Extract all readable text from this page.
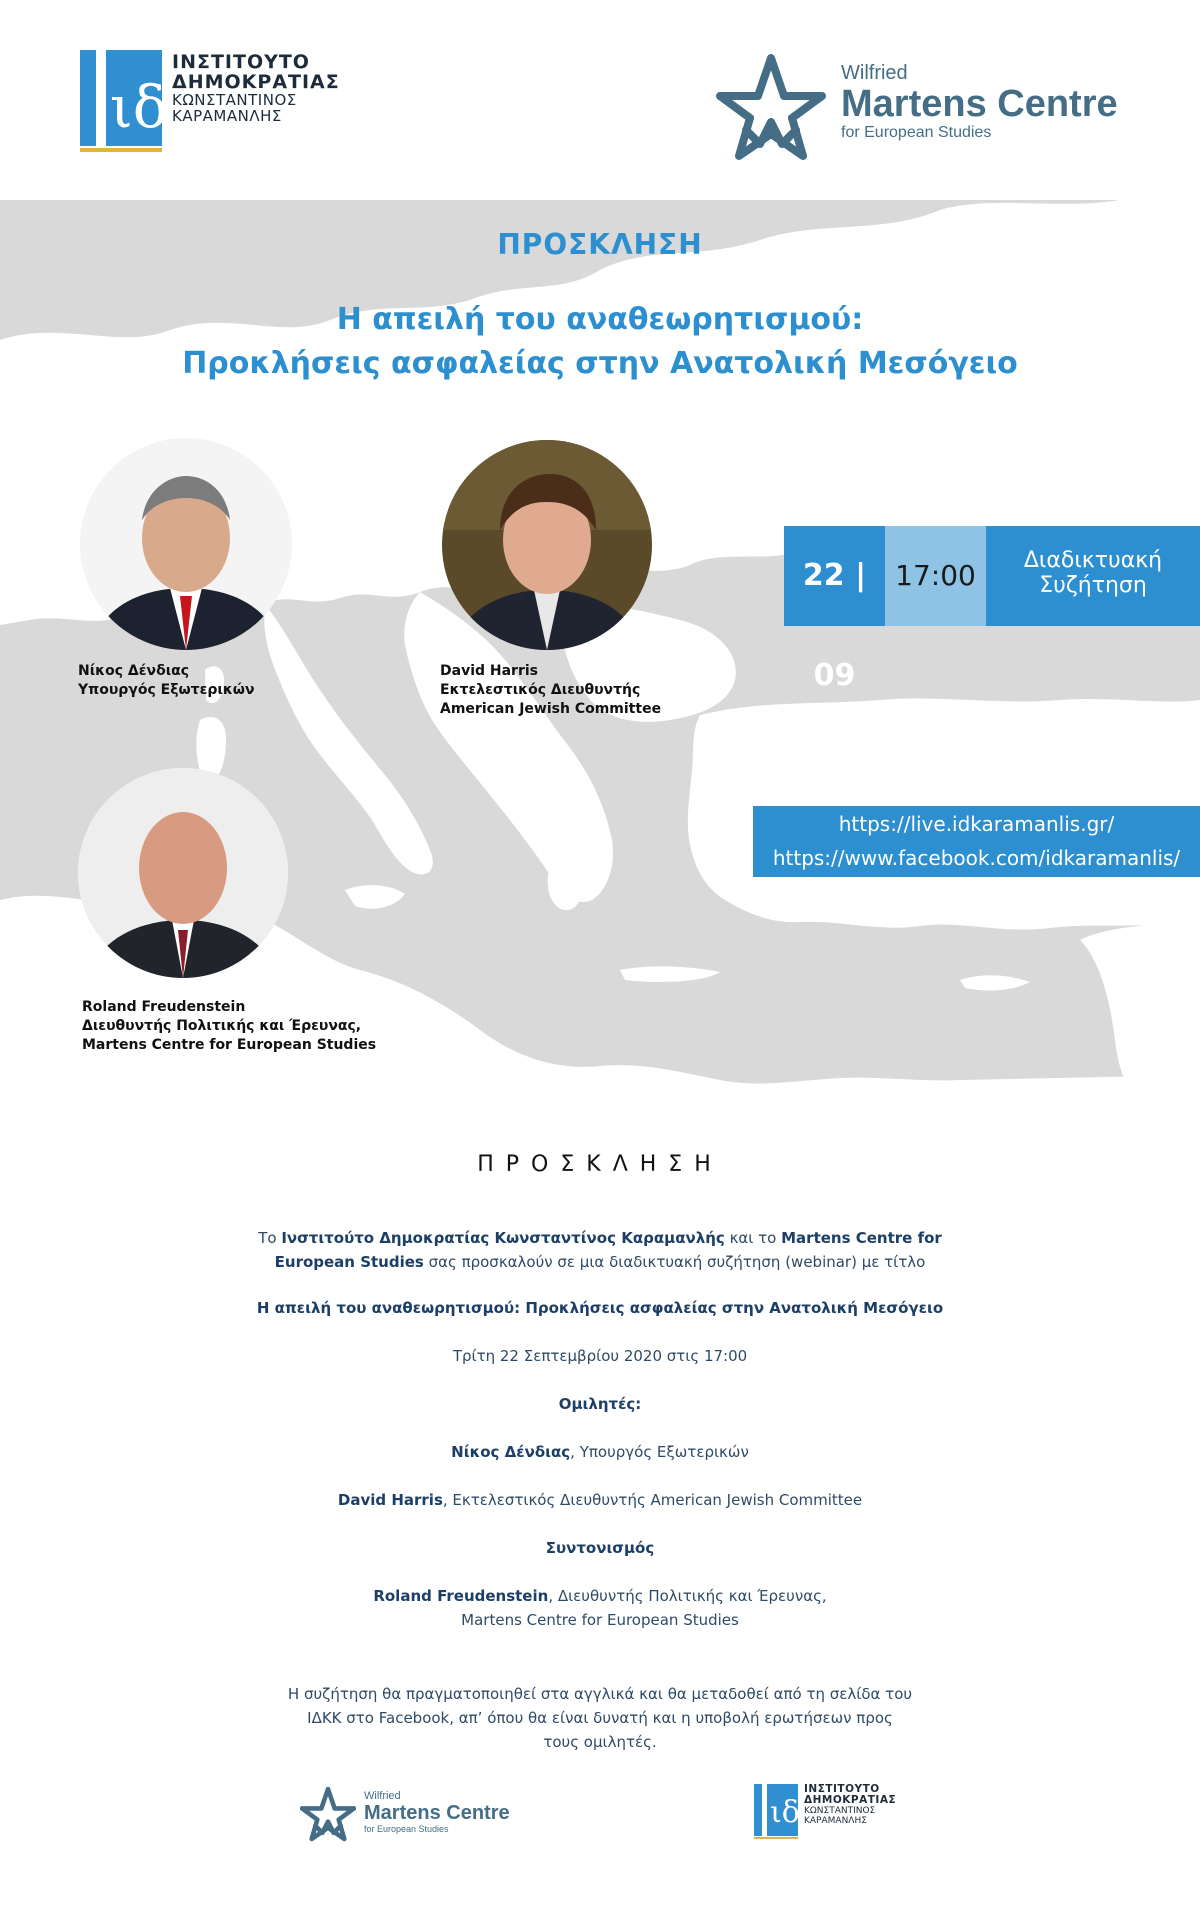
ιδ
ΙΝΣΤΙΤΟΥΤΟ
ΔΗΜΟΚΡΑΤΙΑΣ
ΚΩΝΣΤΑΝΤΙΝΟΣ
ΚΑΡΑΜΑΝΛΗΣ
Wilfried
Martens Centre
for European Studies
ΠΡΟΣΚΛΗΣΗ
Η απειλή του αναθεωρητισμού:
Προκλήσεις ασφαλείας στην Ανατολική Μεσόγειο
Νίκος Δένδιας
Υπουργός Εξωτερικών
David Harris
Εκτελεστικός Διευθυντής
American Jewish Committee
Roland Freudenstein
Διευθυντής Πολιτικής και Έρευνας,
Martens Centre for European Studies
22 | 09
17:00	Διαδικτυακή
Συζήτηση
https://live.idkaramanlis.gr/
https://www.facebook.com/idkaramanlis/
ΠΡΟΣΚΛΗΣΗ
Το Ινστιτούτο Δημοκρατίας Κωνσταντίνος Καραμανλής και το Martens Centre for European Studies σας προσκαλούν σε μια διαδικτυακή συζήτηση (webinar) με τίτλο
Η απειλή του αναθεωρητισμού: Προκλήσεις ασφαλείας στην Ανατολική Μεσόγειο
Τρίτη 22 Σεπτεμβρίου 2020 στις 17:00
Ομιλητές:
Νίκος Δένδιας, Υπουργός Εξωτερικών
David Harris, Εκτελεστικός Διευθυντής American Jewish Committee
Συντονισμός
Roland Freudenstein, Διευθυντής Πολιτικής και Έρευνας,
Martens Centre for European Studies
Η συζήτηση θα πραγματοποιηθεί στα αγγλικά και θα μεταδοθεί από τη σελίδα του
ΙΔΚΚ στο Facebook, απ’ όπου θα είναι δυνατή και η υποβολή ερωτήσεων προς
τους ομιλητές.
Wilfried
Martens Centre
for European Studies	ιδ
ΙΝΣΤΙΤΟΥΤΟ
ΔΗΜΟΚΡΑΤΙΑΣ
ΚΩΝΣΤΑΝΤΙΝΟΣ
ΚΑΡΑΜΑΝΛΗΣ
